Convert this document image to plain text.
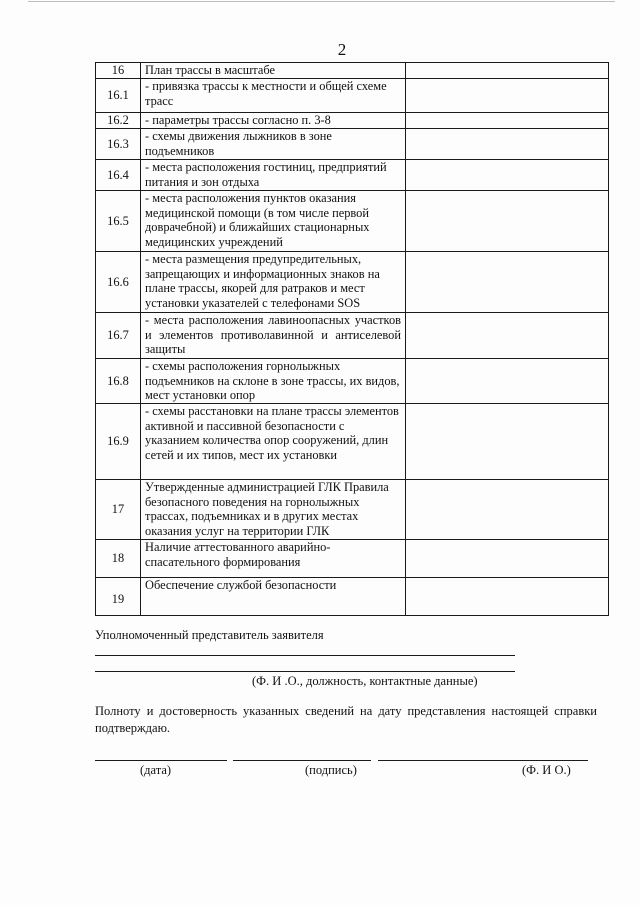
2
16	План трассы в масштабе	
16.1	- привязка трассы к местности и общей схеме трасс	
16.2	- параметры трассы согласно п. 3-8	
16.3	- схемы движения лыжников в зоне подъемников	
16.4	- места расположения гостиниц, предприятий питания и зон отдыха	
16.5	- места расположения пунктов оказания медицинской помощи (в том числе первой доврачебной) и ближайших стационарных медицинских учреждений	
16.6	- места размещения предупредительных, запрещающих и информационных знаков на плане трассы, якорей для ратраков и мест установки указателей с телефонами SOS	
16.7	- места расположения лавиноопасных участков и элементов противолавинной и антиселевой защиты	
16.8	- схемы расположения горнолыжных подъемников на склоне в зоне трассы, их видов, мест установки опор	
16.9	- схемы расстановки на плане трассы элементов активной и пассивной безопасности с указанием количества опор сооружений, длин сетей и их типов, мест их установки	
17	Утвержденные администрацией ГЛК Правила безопасного поведения на горнолыжных трассах, подъемниках и в других местах оказания услуг на территории ГЛК	
18	Наличие аттестованного аварийно-спасательного формирования	
19	Обеспечение службой безопасности	
Уполномоченный представитель заявителя
(Ф. И .О., должность, контактные данные)
Полноту и достоверность указанных сведений на дату представления настоящей справки подтверждаю.
(дата)	(подпись)	(Ф. И О.)
